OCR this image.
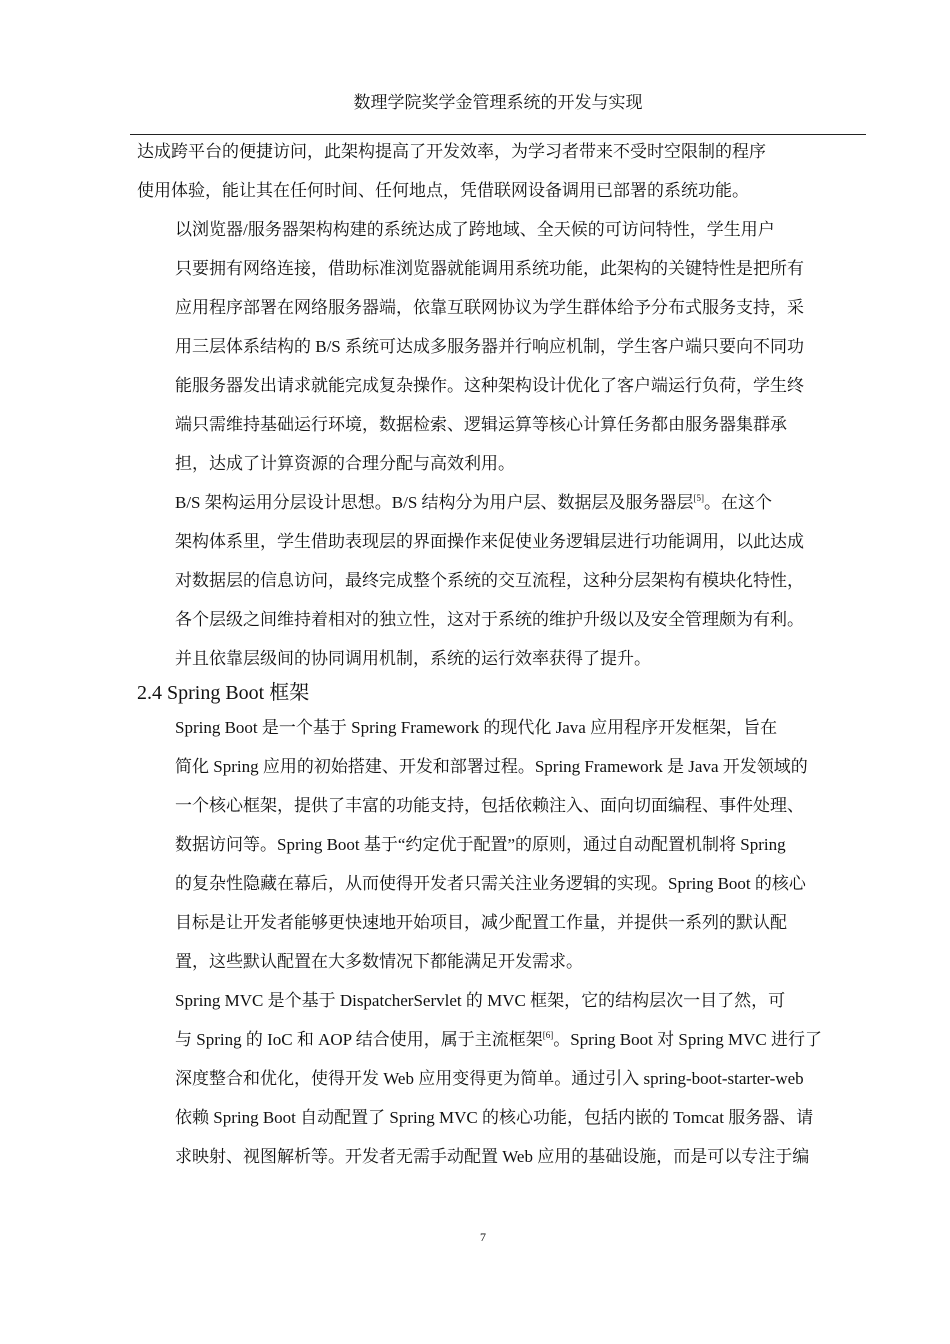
数理学院奖学金管理系统的开发与实现

达成跨平台的便捷访问，此架构提高了开发效率，为学习者带来不受时空限制的程序
使用体验，能让其在任何时间、任何地点，凭借联网设备调用已部署的系统功能。

以浏览器/服务器架构构建的系统达成了跨地域、全天候的可访问特性，学生用户
只要拥有网络连接，借助标准浏览器就能调用系统功能，此架构的关键特性是把所有
应用程序部署在网络服务器端，依靠互联网协议为学生群体给予分布式服务支持，采
用三层体系结构的 B/S 系统可达成多服务器并行响应机制，学生客户端只要向不同功
能服务器发出请求就能完成复杂操作。这种架构设计优化了客户端运行负荷，学生终
端只需维持基础运行环境，数据检索、逻辑运算等核心计算任务都由服务器集群承
担，达成了计算资源的合理分配与高效利用。

B/S 架构运用分层设计思想。B/S 结构分为用户层、数据层及服务器层[5]。在这个
架构体系里，学生借助表现层的界面操作来促使业务逻辑层进行功能调用，以此达成
对数据层的信息访问，最终完成整个系统的交互流程，这种分层架构有模块化特性，
各个层级之间维持着相对的独立性，这对于系统的维护升级以及安全管理颇为有利。
并且依靠层级间的协同调用机制，系统的运行效率获得了提升。

2.4 Spring Boot 框架

Spring Boot 是一个基于 Spring Framework 的现代化 Java 应用程序开发框架，旨在
简化 Spring 应用的初始搭建、开发和部署过程。Spring Framework 是 Java 开发领域的
一个核心框架，提供了丰富的功能支持，包括依赖注入、面向切面编程、事件处理、
数据访问等。Spring Boot 基于“约定优于配置”的原则，通过自动配置机制将 Spring
的复杂性隐藏在幕后，从而使得开发者只需关注业务逻辑的实现。Spring Boot 的核心
目标是让开发者能够更快速地开始项目，减少配置工作量，并提供一系列的默认配
置，这些默认配置在大多数情况下都能满足开发需求。

Spring MVC 是个基于 DispatcherServlet 的 MVC 框架，它的结构层次一目了然，可
与 Spring 的 IoC 和 AOP 结合使用，属于主流框架[6]。Spring Boot 对 Spring MVC 进行了
深度整合和优化，使得开发 Web 应用变得更为简单。通过引入 spring-boot-starter-web
依赖 Spring Boot 自动配置了 Spring MVC 的核心功能，包括内嵌的 Tomcat 服务器、请
求映射、视图解析等。开发者无需手动配置 Web 应用的基础设施，而是可以专注于编

7
